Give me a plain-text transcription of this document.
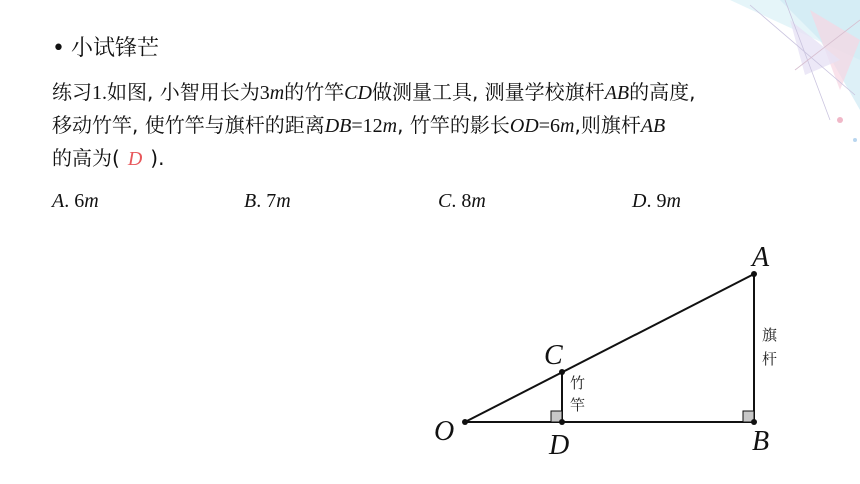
• 小试锋芒
练习1.如图, 小智用长为3m的竹竿CD做测量工具, 测量学校旗杆AB的高度,
移动竹竿, 使竹竿与旗杆的距离DB=12m, 竹竿的影长OD=6m,则旗杆AB
的高为( D ).
A. 6m	B. 7m	C. 8m	D. 9m
O
C
D
A
B
竹
竿
旗
杆
